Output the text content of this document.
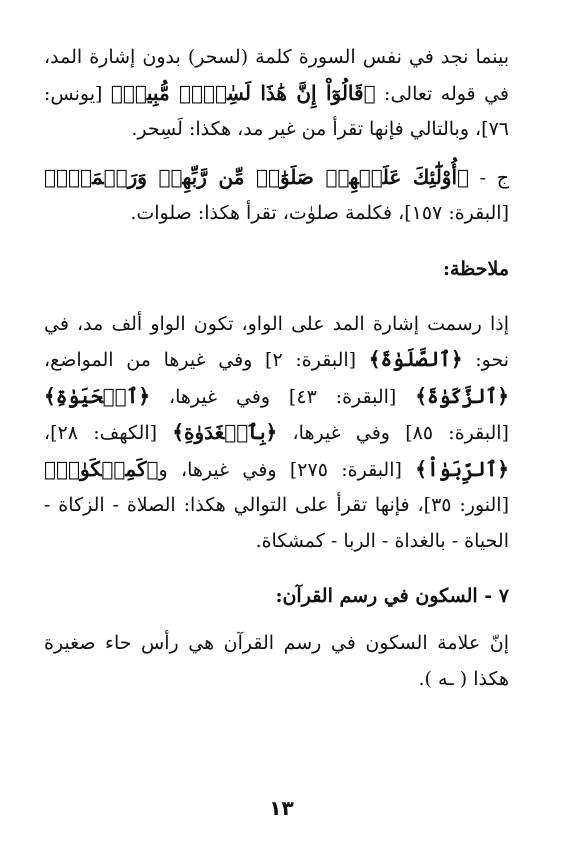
بينما نجد في نفس السورة كلمة (لسحر) بدون إشارة المد، في قوله تعالى: ﴿قَالُوٓاْ إِنَّ هَٰذَا لَسِٰحۡرٞ مُّبِينٞ﴾ [يونس: ٧٦]، وبالتالي فإنها تقرأ من غير مد، هكذا: لَسِحر.

ج - ﴿أُوْلَٰٓئِكَ عَلَيۡهِمۡ صَلَوَٰتٞ مِّن رَّبِّهِمۡ وَرَحۡمَةٞۖ﴾ [البقرة: ١٥٧]، فكلمة صلوٰت، تقرأ هكذا: صلوات.

ملاحظة:

إذا رسمت إشارة المد على الواو، تكون الواو ألف مد، في نحو: ﴿ٱلصَّلَوٰةَ﴾ [البقرة: ٢] وفي غيرها من المواضع، ﴿ٱلزَّكَوٰةَ﴾ [البقرة: ٤٣] وفي غيرها، ﴿ٱلۡحَيَوٰةِ﴾ [البقرة: ٨٥] وفي غيرها، ﴿بِٱلۡغَدَوٰةِ﴾ [الكهف: ٢٨]، ﴿ٱلرِّبَوٰاْ﴾ [البقرة: ٢٧٥] وفي غيرها، و﴿كَمِشۡكَوٰةٖ﴾ [النور: ٣٥]، فإنها تقرأ على التوالي هكذا: الصلاة - الزكاة - الحياة - بالغداة - الربا - كمشكاة.

٧ - السكون في رسم القرآن:

إنّ علامة السكون في رسم القرآن هي رأس حاء صغيرة هكذا ( ـه ).

١٣
